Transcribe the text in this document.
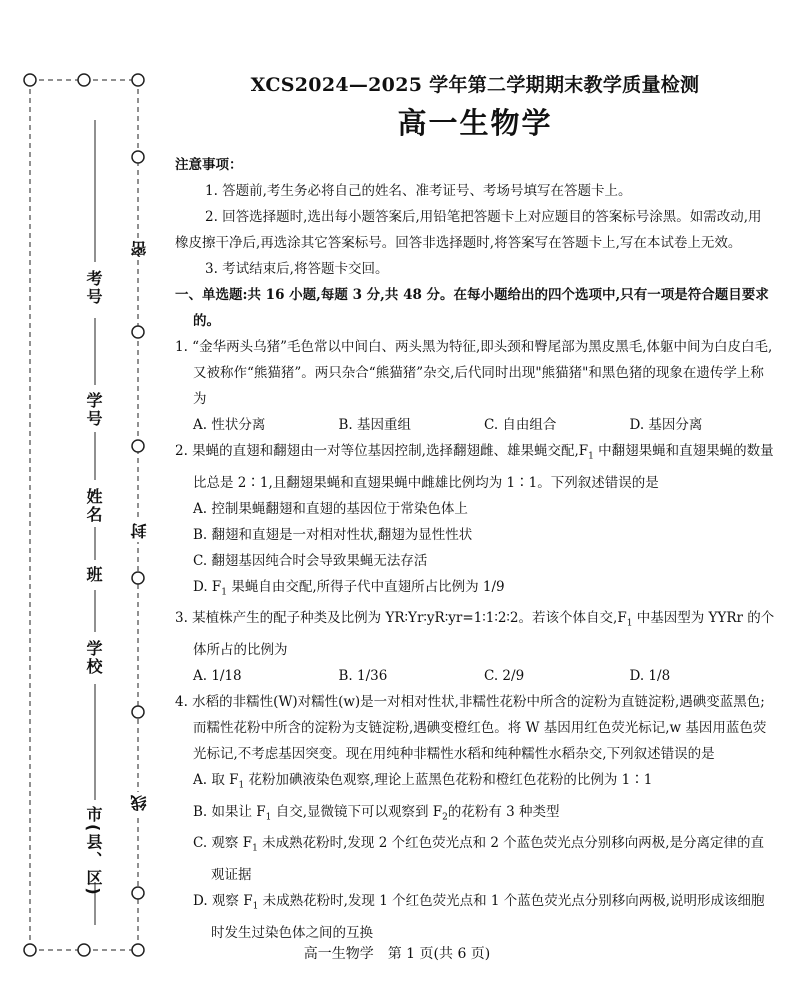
考号
学号
姓名
班
学校
市(县、区)
密
封
线
XCS2024—2025 学年第二学期期末教学质量检测
高一生物学

注意事项：

1. 答题前,考生务必将自己的姓名、准考证号、考场号填写在答题卡上。

2. 回答选择题时,选出每小题答案后,用铅笔把答题卡上对应题目的答案标号涂黑。如需改动,用橡皮擦干净后,再选涂其它答案标号。回答非选择题时,将答案写在答题卡上,写在本试卷上无效。

3. 考试结束后,将答题卡交回。

一、单选题:共 16 小题,每题 3 分,共 48 分。在每小题给出的四个选项中,只有一项是符合题目要求的。

1. “金华两头乌猪”毛色常以中间白、两头黑为特征,即头颈和臀尾部为黑皮黑毛,体躯中间为白皮白毛,又被称作“熊猫猪”。两只杂合“熊猫猪”杂交,后代同时出现"熊猫猪"和黑色猪的现象在遗传学上称为

A. 性状分离	B. 基因重组	C. 自由组合	D. 基因分离

2. 果蝇的直翅和翻翅由一对等位基因控制,选择翻翅雌、雄果蝇交配$,F_1$ 中翻翅果蝇和直翅果蝇的数量比总是 2∶1,且翻翅果蝇和直翅果蝇中雌雄比例均为 1∶1。下列叙述错误的是

A. 控制果蝇翻翅和直翅的基因位于常染色体上

B. 翻翅和直翅是一对相对性状,翻翅为显性性状

C. 翻翅基因纯合时会导致果蝇无法存活

D. $F_1$ 果蝇自由交配,所得子代中直翅所占比例为 1/9

3. 某植株产生的配子种类及比例为 YR∶Yr∶yR∶yr=1∶1∶2∶2。若该个体自交$,F_1$ 中基因型为 YYRr 的个体所占的比例为

A. 1/18	B. 1/36	C. 2/9	D. 1/8

4. 水稻的非糯性(W)对糯性(w)是一对相对性状,非糯性花粉中所含的淀粉为直链淀粉,遇碘变蓝黑色;而糯性花粉中所含的淀粉为支链淀粉,遇碘变橙红色。将 W 基因用红色荧光标记,w 基因用蓝色荧光标记,不考虑基因突变。现在用纯种非糯性水稻和纯种糯性水稻杂交,下列叙述错误的是

A. 取 $F_1$ 花粉加碘液染色观察,理论上蓝黑色花粉和橙红色花粉的比例为 1∶1

B. 如果让 $F_1$ 自交,显微镜下可以观察到 $F_2$的花粉有 3 种类型

C. 观察 $F_1$ 未成熟花粉时,发现 2 个红色荧光点和 2 个蓝色荧光点分别移向两极,是分离定律的直观证据

D. 观察 $F_1$ 未成熟花粉时,发现 1 个红色荧光点和 1 个蓝色荧光点分别移向两极,说明形成该细胞时发生过染色体之间的互换

高一生物学　第 1 页(共 6 页)
